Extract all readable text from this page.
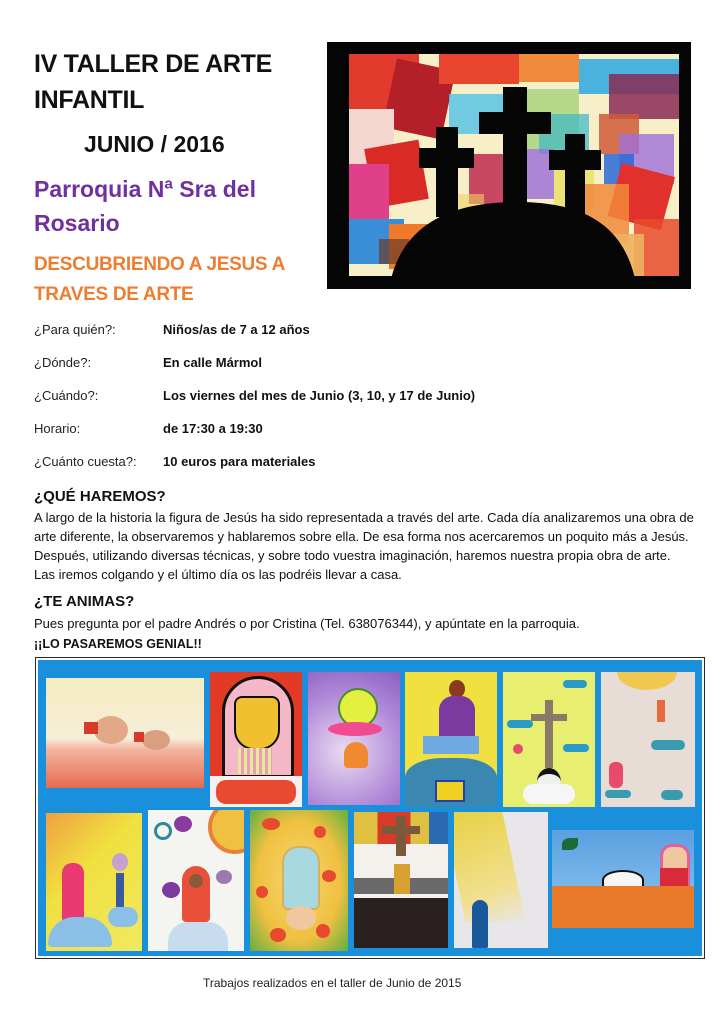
IV TALLER DE ARTE
INFANTIL
JUNIO / 2016
Parroquia Nª Sra del
Rosario
DESCUBRIENDO A JESUS A
TRAVES DE ARTE
¿Para quién?:	Niños/as de 7 a 12 años
¿Dónde?:	En calle Mármol
¿Cuándo?:	Los viernes del mes de Junio (3, 10, y 17 de Junio)
Horario:	de 17:30 a 19:30
¿Cuánto cuesta?:	10 euros para materiales
¿QUÉ HAREMOS?
A largo de la historia la figura de Jesús ha sido representada a través del arte. Cada día analizaremos una obra de
arte diferente, la observaremos y hablaremos sobre ella. De esa forma nos acercaremos un poquito más a Jesús.
Después, utilizando diversas técnicas, y sobre todo vuestra imaginación, haremos nuestra propia obra de arte.
Las iremos colgando y el último día os las podréis llevar a casa.
¿TE ANIMAS?
Pues pregunta por el padre Andrés o por Cristina (Tel. 638076344), y apúntate en la parroquia.
¡¡LO PASAREMOS GENIAL!!
Trabajos realizados en el taller de Junio de 2015
